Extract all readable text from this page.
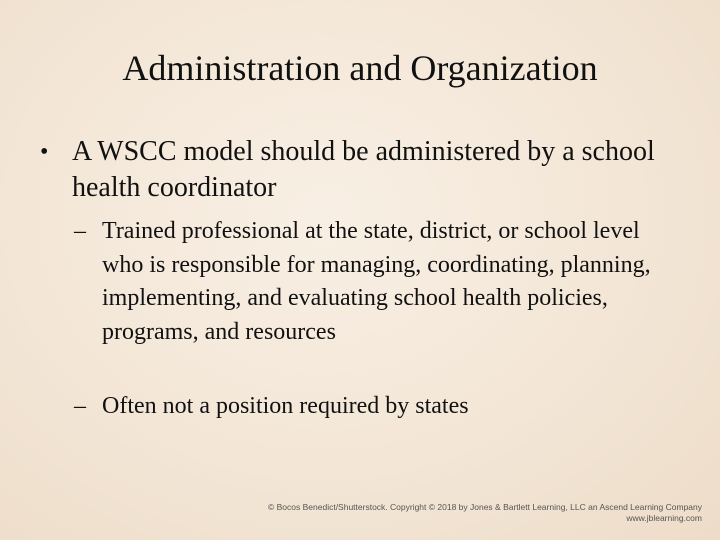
Administration and Organization
• A WSCC model should be administered by a school health coordinator
– Trained professional at the state, district, or school level who is responsible for managing, coordinating, planning, implementing, and evaluating school health policies, programs, and resources
– Often not a position required by states
© Bocos Benedict/Shutterstock. Copyright © 2018 by Jones & Bartlett Learning, LLC an Ascend Learning Company
www.jblearning.com
